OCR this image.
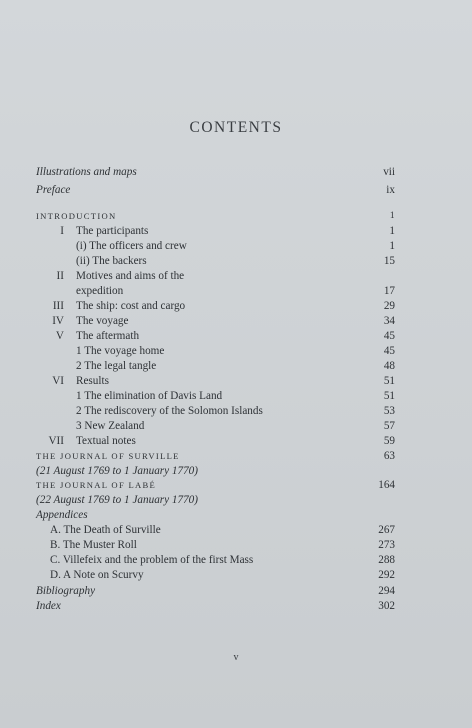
CONTENTS
Illustrations and maps	vii
Preface	ix
INTRODUCTION	1
I The participants	1
(i) The officers and crew	1
(ii) The backers	15
II Motives and aims of the
expedition	17
III The ship: cost and cargo	29
IV The voyage	34
V The aftermath	45
1 The voyage home	45
2 The legal tangle	48
VI Results	51
1 The elimination of Davis Land	51
2 The rediscovery of the Solomon Islands	53
3 New Zealand	57
VII Textual notes	59
THE JOURNAL OF SURVILLE	63
(21 August 1769 to 1 January 1770)
THE JOURNAL OF LABÉ	164
(22 August 1769 to 1 January 1770)
Appendices
A. The Death of Surville	267
B. The Muster Roll	273
C. Villefeix and the problem of the first Mass	288
D. A Note on Scurvy	292
Bibliography	294
Index	302
v
